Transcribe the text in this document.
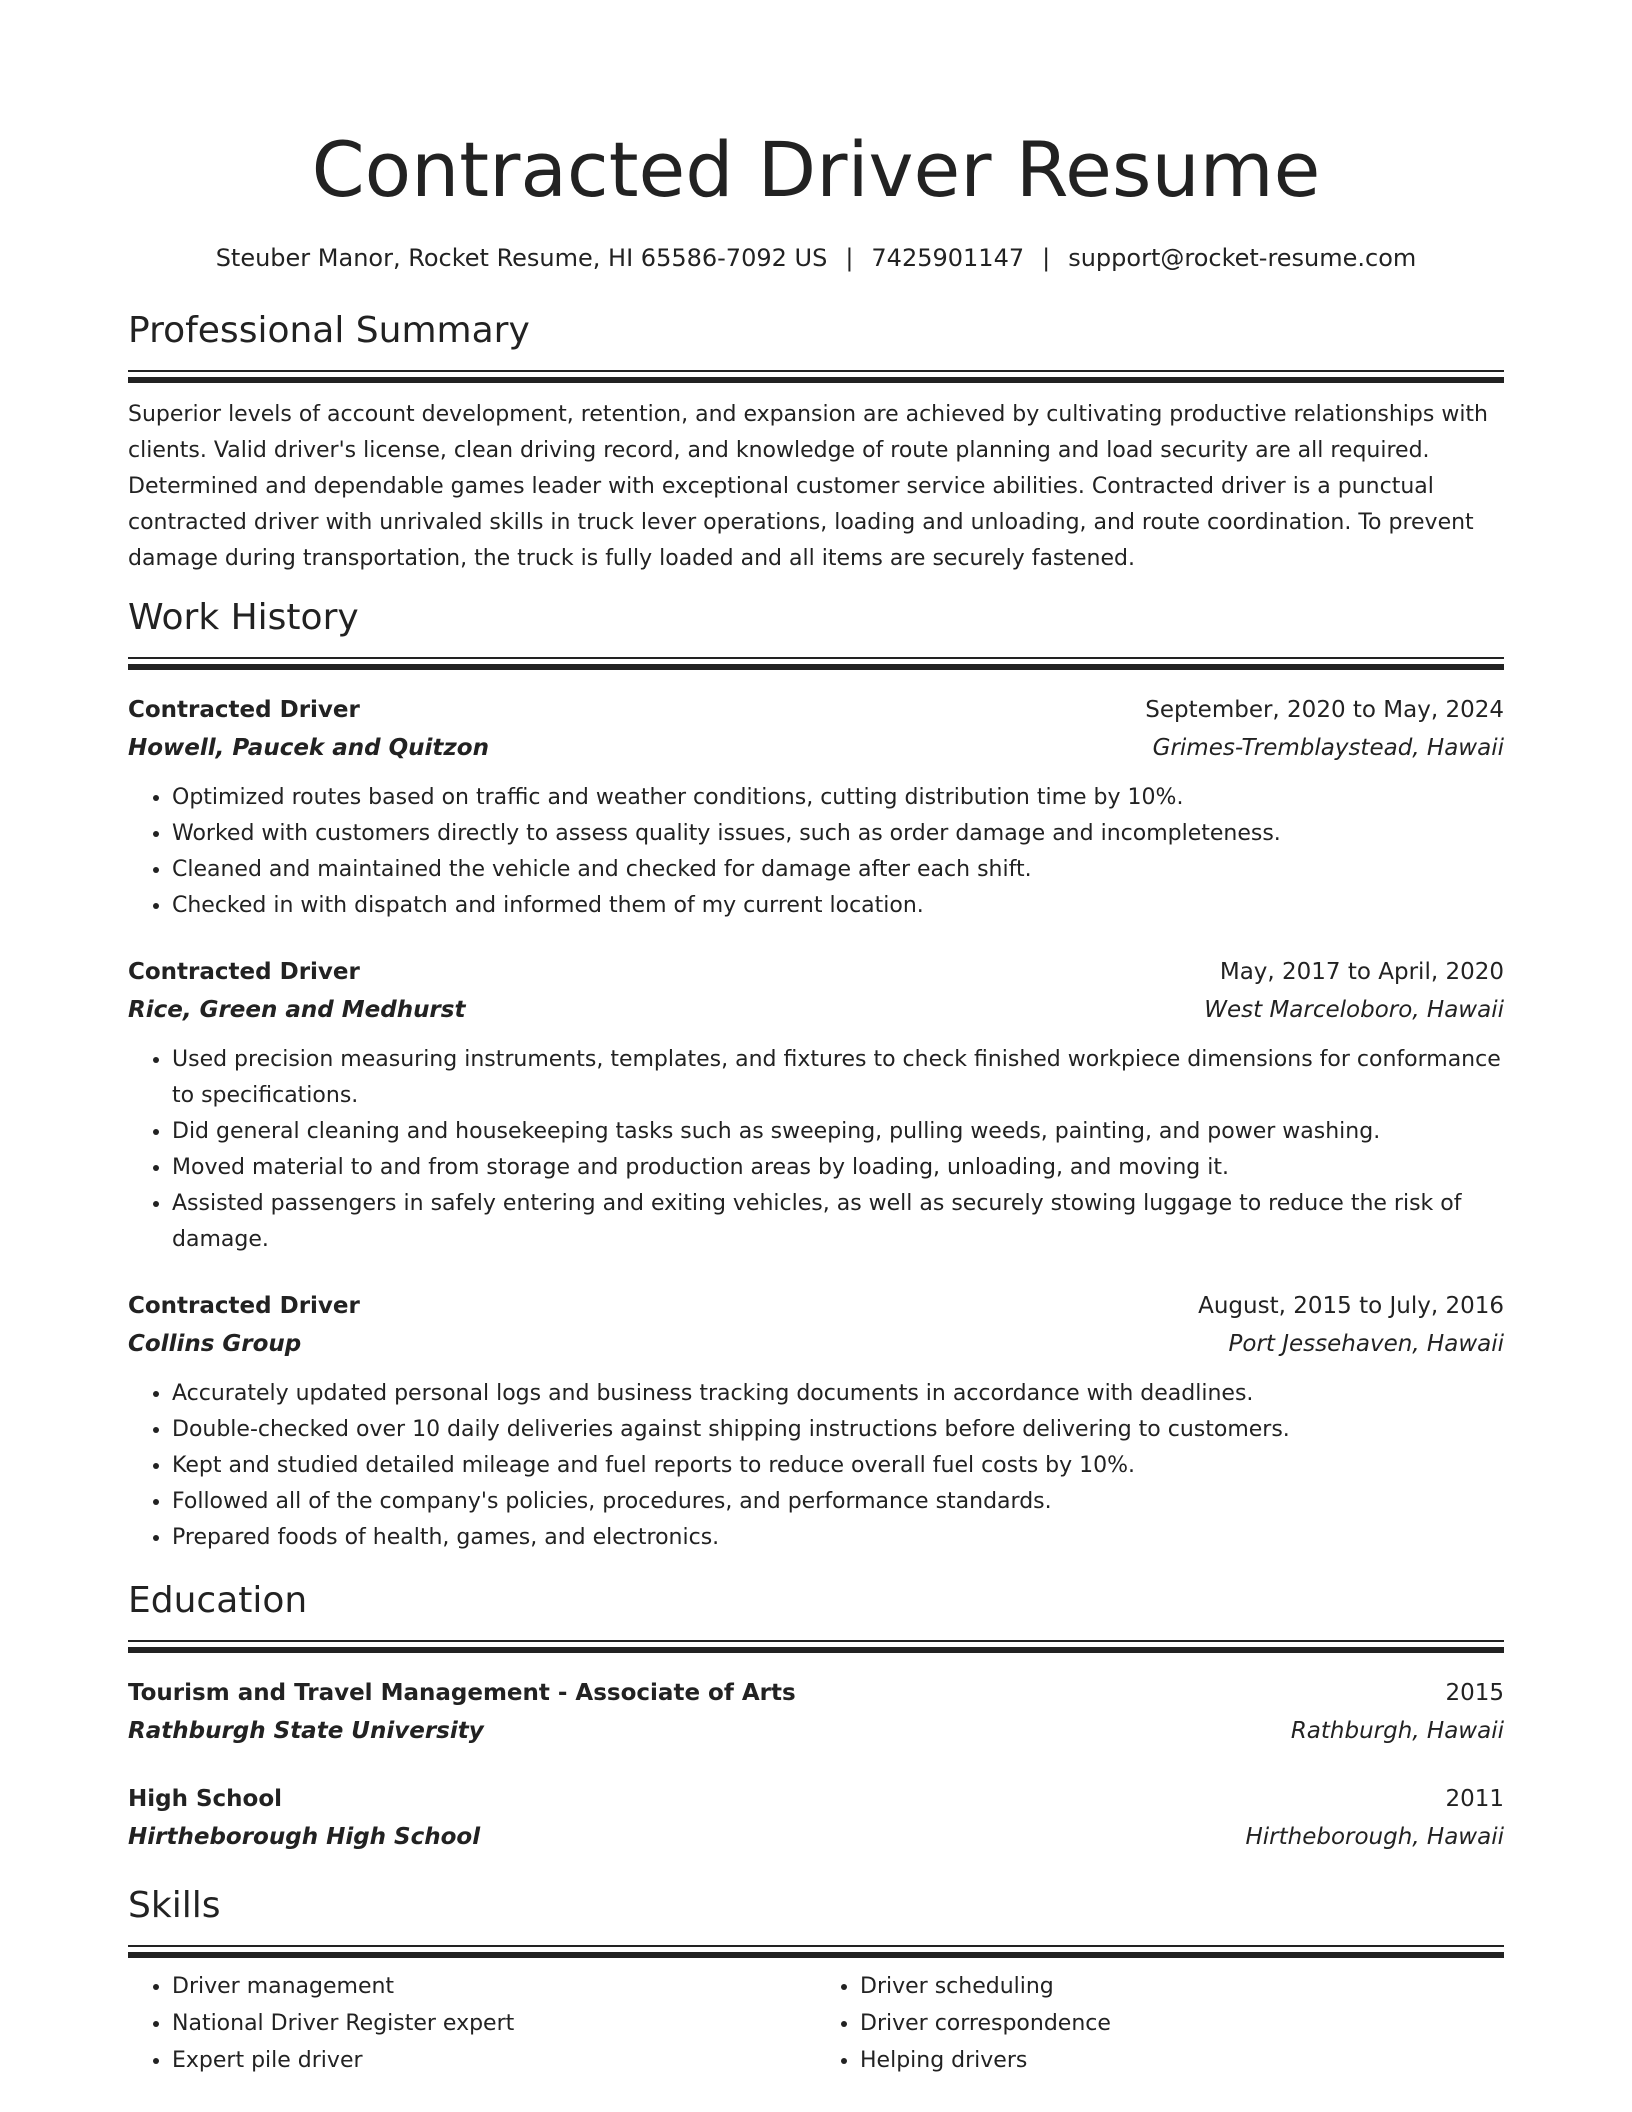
Contracted Driver Resume
Steuber Manor, Rocket Resume, HI 65586-7092 US | 7425901147 | support@rocket-resume.com
Professional Summary

Superior levels of account development, retention, and expansion are achieved by cultivating productive relationships with clients. Valid driver's license, clean driving record, and knowledge of route planning and load security are all required. Determined and dependable games leader with exceptional customer service abilities. Contracted driver is a punctual contracted driver with unrivaled skills in truck lever operations, loading and unloading, and route coordination. To prevent damage during transportation, the truck is fully loaded and all items are securely fastened.

Work History
Contracted Driver	September, 2020 to May, 2024
Howell, Paucek and Quitzon	Grimes-Tremblaystead, Hawaii
• Optimized routes based on traffic and weather conditions, cutting distribution time by 10%.
• Worked with customers directly to assess quality issues, such as order damage and incompleteness.
• Cleaned and maintained the vehicle and checked for damage after each shift.
• Checked in with dispatch and informed them of my current location.
Contracted Driver	May, 2017 to April, 2020
Rice, Green and Medhurst	West Marceloboro, Hawaii
• Used precision measuring instruments, templates, and fixtures to check finished workpiece dimensions for conformance to specifications.
• Did general cleaning and housekeeping tasks such as sweeping, pulling weeds, painting, and power washing.
• Moved material to and from storage and production areas by loading, unloading, and moving it.
• Assisted passengers in safely entering and exiting vehicles, as well as securely stowing luggage to reduce the risk of damage.
Contracted Driver	August, 2015 to July, 2016
Collins Group	Port Jessehaven, Hawaii
• Accurately updated personal logs and business tracking documents in accordance with deadlines.
• Double-checked over 10 daily deliveries against shipping instructions before delivering to customers.
• Kept and studied detailed mileage and fuel reports to reduce overall fuel costs by 10%.
• Followed all of the company's policies, procedures, and performance standards.
• Prepared foods of health, games, and electronics.
Education
Tourism and Travel Management - Associate of Arts	2015
Rathburgh State University	Rathburgh, Hawaii
High School	2011
Hirtheborough High School	Hirtheborough, Hawaii
Skills
• Driver management
• National Driver Register expert
• Expert pile driver
• Driver scheduling
• Driver correspondence
• Helping drivers
